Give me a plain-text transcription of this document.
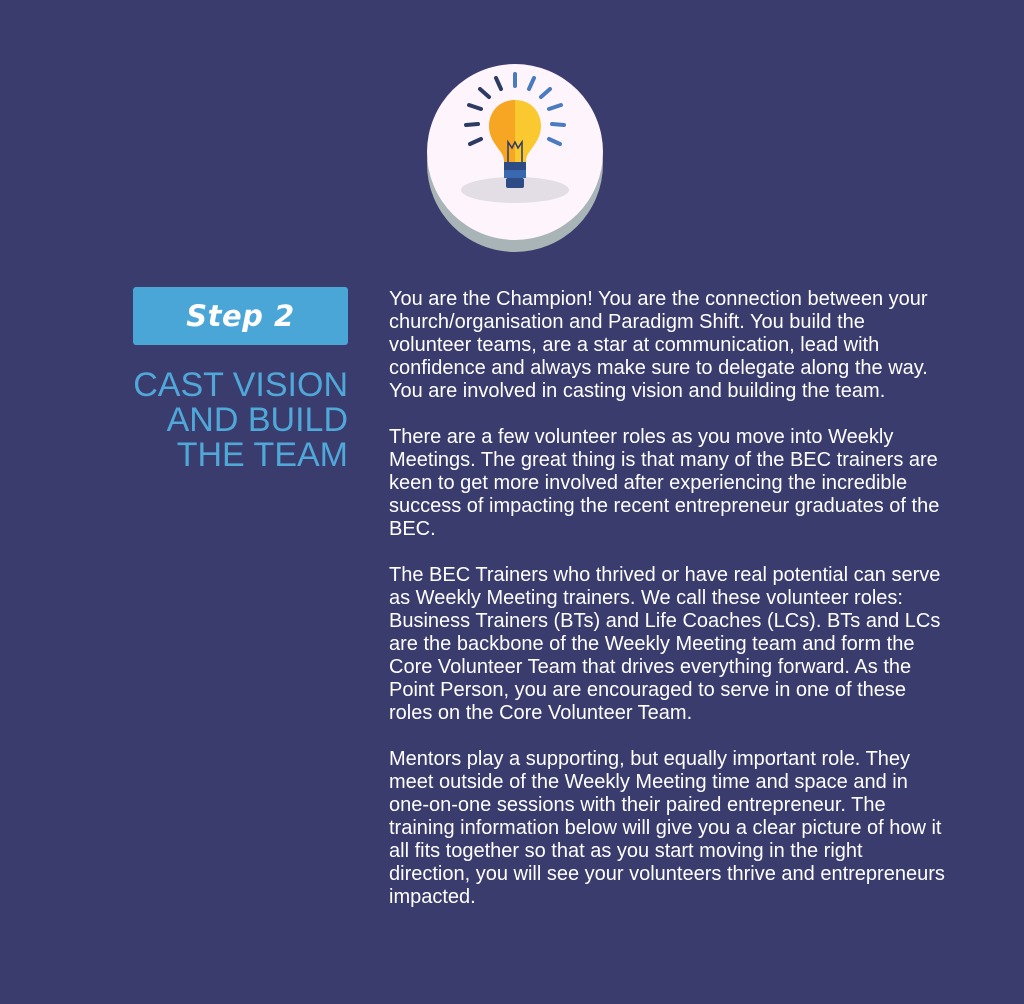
Step 2
CAST VISION
AND BUILD
THE TEAM

You are the Champion! You are the connection between your church/organisation and Paradigm Shift. You build the volunteer teams, are a star at communication, lead with confidence and always make sure to delegate along the way. You are involved in casting vision and building the team.

There are a few volunteer roles as you move into Weekly Meetings. The great thing is that many of the BEC trainers are keen to get more involved after experiencing the incredible success of impacting the recent entrepreneur graduates of the BEC.

The BEC Trainers who thrived or have real potential can serve as Weekly Meeting trainers. We call these volunteer roles: Business Trainers (BTs) and Life Coaches (LCs). BTs and LCs are the backbone of the Weekly Meeting team and form the Core Volunteer Team that drives everything forward. As the Point Person, you are encouraged to serve in one of these roles on the Core Volunteer Team.

Mentors play a supporting, but equally important role. They meet outside of the Weekly Meeting time and space and in one-on-one sessions with their paired entrepreneur. The training information below will give you a clear picture of how it all fits together so that as you start moving in the right direction, you will see your volunteers thrive and entrepreneurs impacted.
